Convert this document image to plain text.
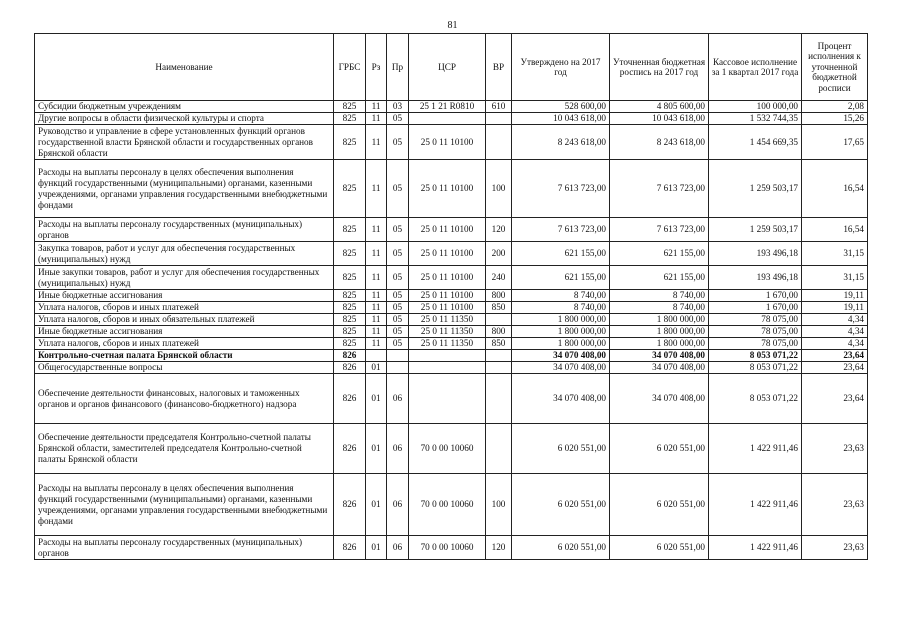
81
Наименование	ГРБС	Рз	Пр	ЦСР	ВР	Утверждено на 2017 год	Уточненная бюджетная роспись на 2017 год	Кассовое исполнение за 1 квартал 2017 года	Процент исполнения к уточненной бюджетной росписи
Субсидии бюджетным учреждениям	825	11	03	25 1 21 R0810	610	528 600,00	4 805 600,00	100 000,00	2,08
Другие вопросы в области физической культуры и спорта	825	11	05			10 043 618,00	10 043 618,00	1 532 744,35	15,26
Руководство и управление в сфере установленных функций органов государственной власти Брянской области и государственных органов Брянской области	825	11	05	25 0 11 10100		8 243 618,00	8 243 618,00	1 454 669,35	17,65
Расходы на выплаты персоналу в целях обеспечения выполнения функций государственными (муниципальными) органами, казенными учреждениями, органами управления государственными внебюджетными фондами	825	11	05	25 0 11 10100	100	7 613 723,00	7 613 723,00	1 259 503,17	16,54
Расходы на выплаты персоналу государственных (муниципальных) органов	825	11	05	25 0 11 10100	120	7 613 723,00	7 613 723,00	1 259 503,17	16,54
Закупка товаров, работ и услуг для обеспечения государственных (муниципальных) нужд	825	11	05	25 0 11 10100	200	621 155,00	621 155,00	193 496,18	31,15
Иные закупки товаров, работ и услуг для обеспечения государственных (муниципальных) нужд	825	11	05	25 0 11 10100	240	621 155,00	621 155,00	193 496,18	31,15
Иные бюджетные ассигнования	825	11	05	25 0 11 10100	800	8 740,00	8 740,00	1 670,00	19,11
Уплата налогов, сборов и иных платежей	825	11	05	25 0 11 10100	850	8 740,00	8 740,00	1 670,00	19,11
Уплата налогов, сборов и иных обязательных платежей	825	11	05	25 0 11 11350		1 800 000,00	1 800 000,00	78 075,00	4,34
Иные бюджетные ассигнования	825	11	05	25 0 11 11350	800	1 800 000,00	1 800 000,00	78 075,00	4,34
Уплата налогов, сборов и иных платежей	825	11	05	25 0 11 11350	850	1 800 000,00	1 800 000,00	78 075,00	4,34
Контрольно-счетная палата Брянской области	826					34 070 408,00	34 070 408,00	8 053 071,22	23,64
Общегосударственные вопросы	826	01				34 070 408,00	34 070 408,00	8 053 071,22	23,64
Обеспечение деятельности финансовых, налоговых и таможенных органов и органов финансового (финансово-бюджетного) надзора	826	01	06			34 070 408,00	34 070 408,00	8 053 071,22	23,64
Обеспечение деятельности председателя Контрольно-счетной палаты Брянской области, заместителей председателя Контрольно-счетной палаты Брянской области	826	01	06	70 0 00 10060		6 020 551,00	6 020 551,00	1 422 911,46	23,63
Расходы на выплаты персоналу в целях обеспечения выполнения функций государственными (муниципальными) органами, казенными учреждениями, органами управления государственными внебюджетными фондами	826	01	06	70 0 00 10060	100	6 020 551,00	6 020 551,00	1 422 911,46	23,63
Расходы на выплаты персоналу государственных (муниципальных) органов	826	01	06	70 0 00 10060	120	6 020 551,00	6 020 551,00	1 422 911,46	23,63
